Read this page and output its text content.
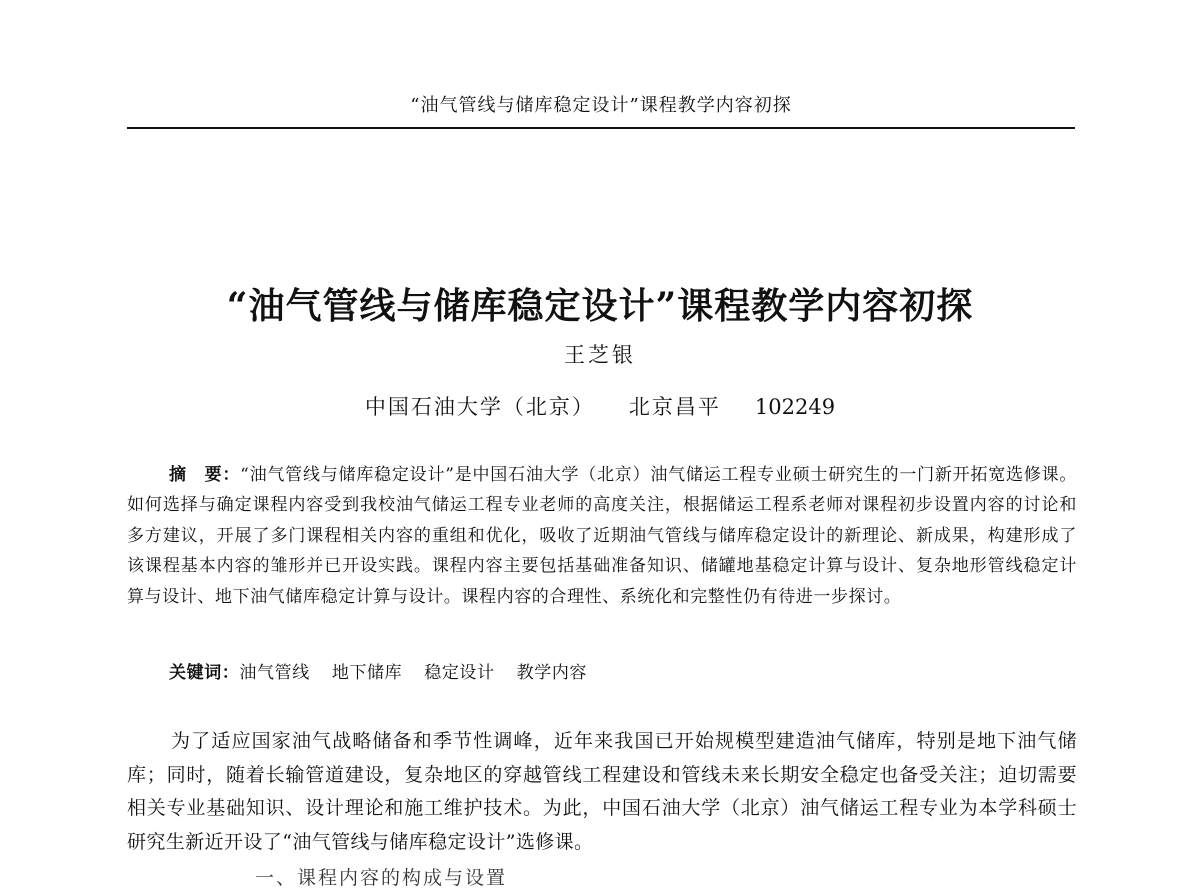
“油气管线与储库稳定设计”课程教学内容初探
“油气管线与储库稳定设计”课程教学内容初探
王芝银
中国石油大学（北京） 北京昌平 102249
摘　要：“油气管线与储库稳定设计”是中国石油大学（北京）油气储运工程专业硕士研究生的一门新开拓宽选修课。如何选择与确定课程内容受到我校油气储运工程专业老师的高度关注，根据储运工程系老师对课程初步设置内容的讨论和多方建议，开展了多门课程相关内容的重组和优化，吸收了近期油气管线与储库稳定设计的新理论、新成果，构建形成了该课程基本内容的雏形并已开设实践。课程内容主要包括基础准备知识、储罐地基稳定计算与设计、复杂地形管线稳定计算与设计、地下油气储库稳定计算与设计。课程内容的合理性、系统化和完整性仍有待进一步探讨。
关键词：油气管线 地下储库 稳定设计 教学内容
为了适应国家油气战略储备和季节性调峰，近年来我国已开始规模型建造油气储库，特别是地下油气储库；同时，随着长输管道建设，复杂地区的穿越管线工程建设和管线未来长期安全稳定也备受关注；迫切需要相关专业基础知识、设计理论和施工维护技术。为此，中国石油大学（北京）油气储运工程专业为本学科硕士研究生新近开设了“油气管线与储库稳定设计”选修课。
一、课程内容的构成与设置
